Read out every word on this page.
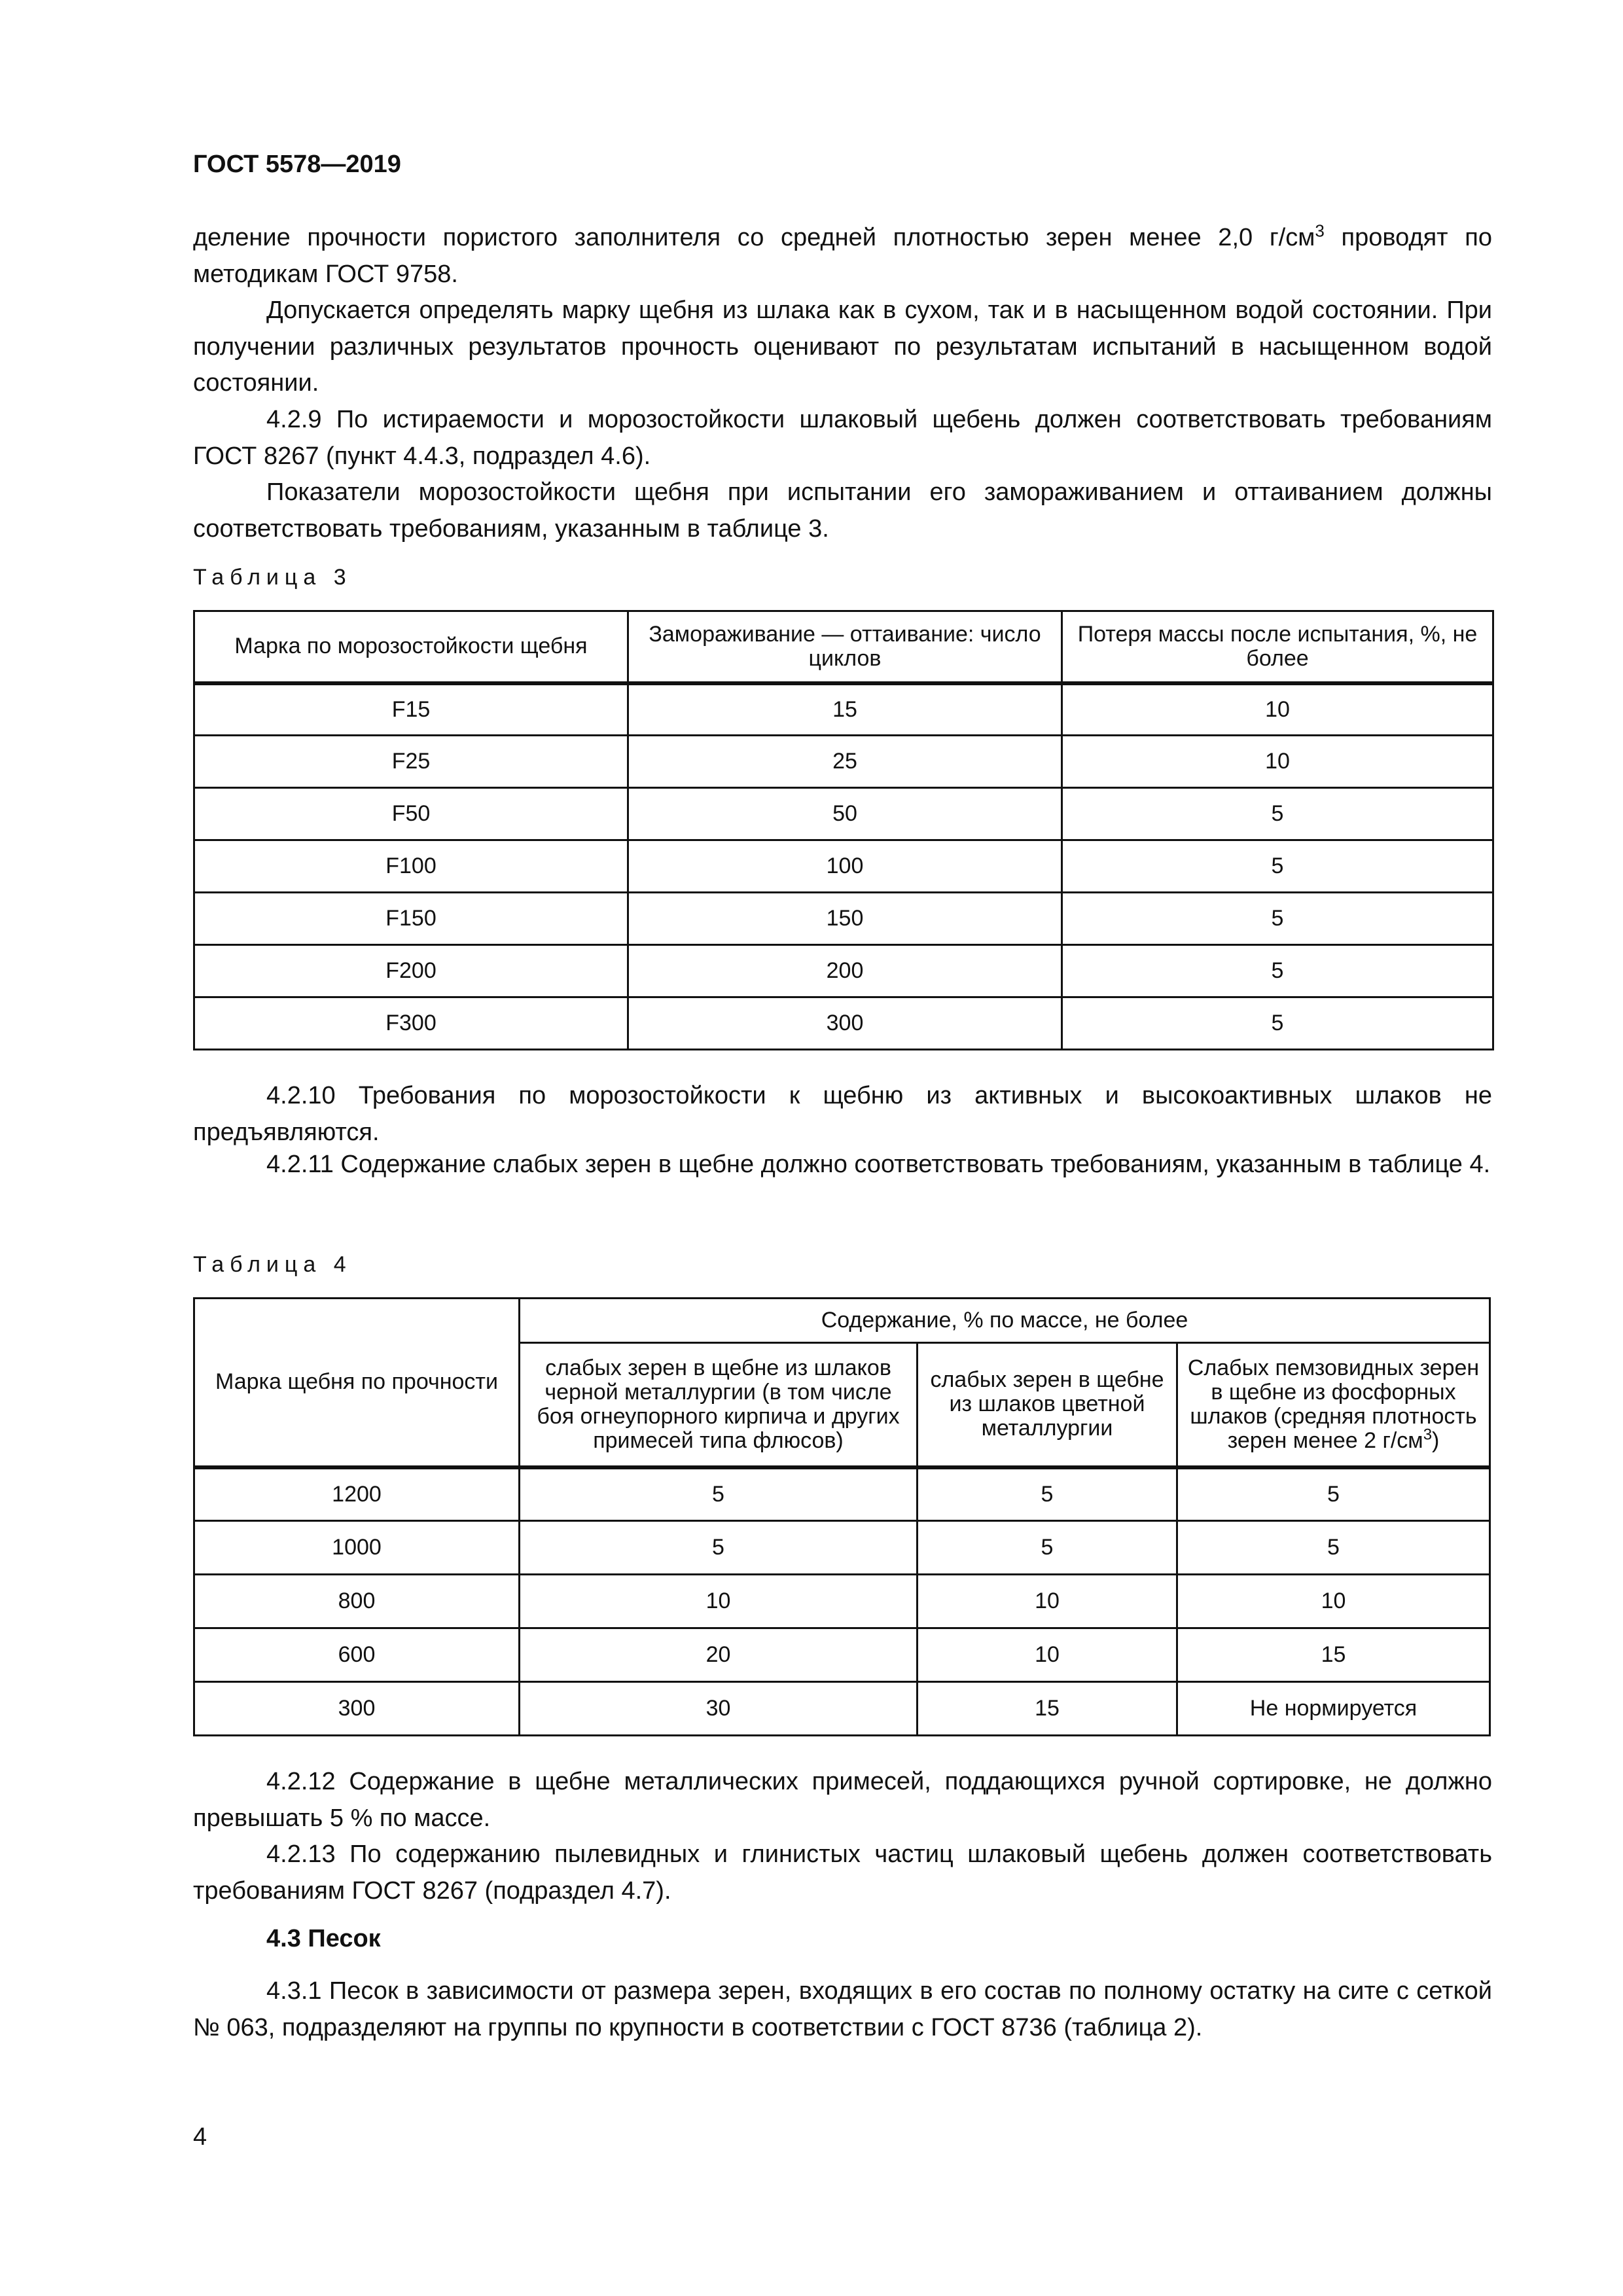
ГОСТ 5578—2019

деление прочности пористого заполнителя со средней плотностью зерен менее 2,0 $г/см^3$ проводят по методикам ГОСТ 9758.

Допускается определять марку щебня из шлака как в сухом, так и в насыщенном водой состоянии. При получении различных результатов прочность оценивают по результатам испытаний в насыщенном водой состоянии.

4.2.9 По истираемости и морозостойкости шлаковый щебень должен соответствовать требованиям ГОСТ 8267 (пункт 4.4.3, подраздел 4.6).

Показатели морозостойкости щебня при испытании его замораживанием и оттаиванием должны соответствовать требованиям, указанным в таблице 3.

Таблица 3
Марка по морозостойкости щебня	Замораживание — оттаивание: число циклов	Потеря массы после испытания, %, не более
F15	15	10
F25	25	10
F50	50	5
F100	100	5
F150	150	5
F200	200	5
F300	300	5

4.2.10 Требования по морозостойкости к щебню из активных и высокоактивных шлаков не предъявляются.

4.2.11 Содержание слабых зерен в щебне должно соответствовать требованиям, указанным в таблице 4.

Таблица 4
Марка щебня по прочности	Содержание, % по массе, не более		
	слабых зерен в щебне из шлаков черной металлургии (в том числе боя огнеупорного кирпича и других примесей типа флюсов)	слабых зерен в щебне из шлаков цветной металлургии	Слабых пемзовидных зерен в щебне из фосфорных шлаков (средняя плотность зерен менее 2 $г/см^3$)
1200	5	5	5
1000	5	5	5
800	10	10	10
600	20	10	15
300	30	15	Не нормируется

4.2.12 Содержание в щебне металлических примесей, поддающихся ручной сортировке, не должно превышать 5 % по массе.

4.2.13 По содержанию пылевидных и глинистых частиц шлаковый щебень должен соответствовать требованиям ГОСТ 8267 (подраздел 4.7).

4.3 Песок

4.3.1 Песок в зависимости от размера зерен, входящих в его состав по полному остатку на сите с сеткой № 063, подразделяют на группы по крупности в соответствии с ГОСТ 8736 (таблица 2).

4
